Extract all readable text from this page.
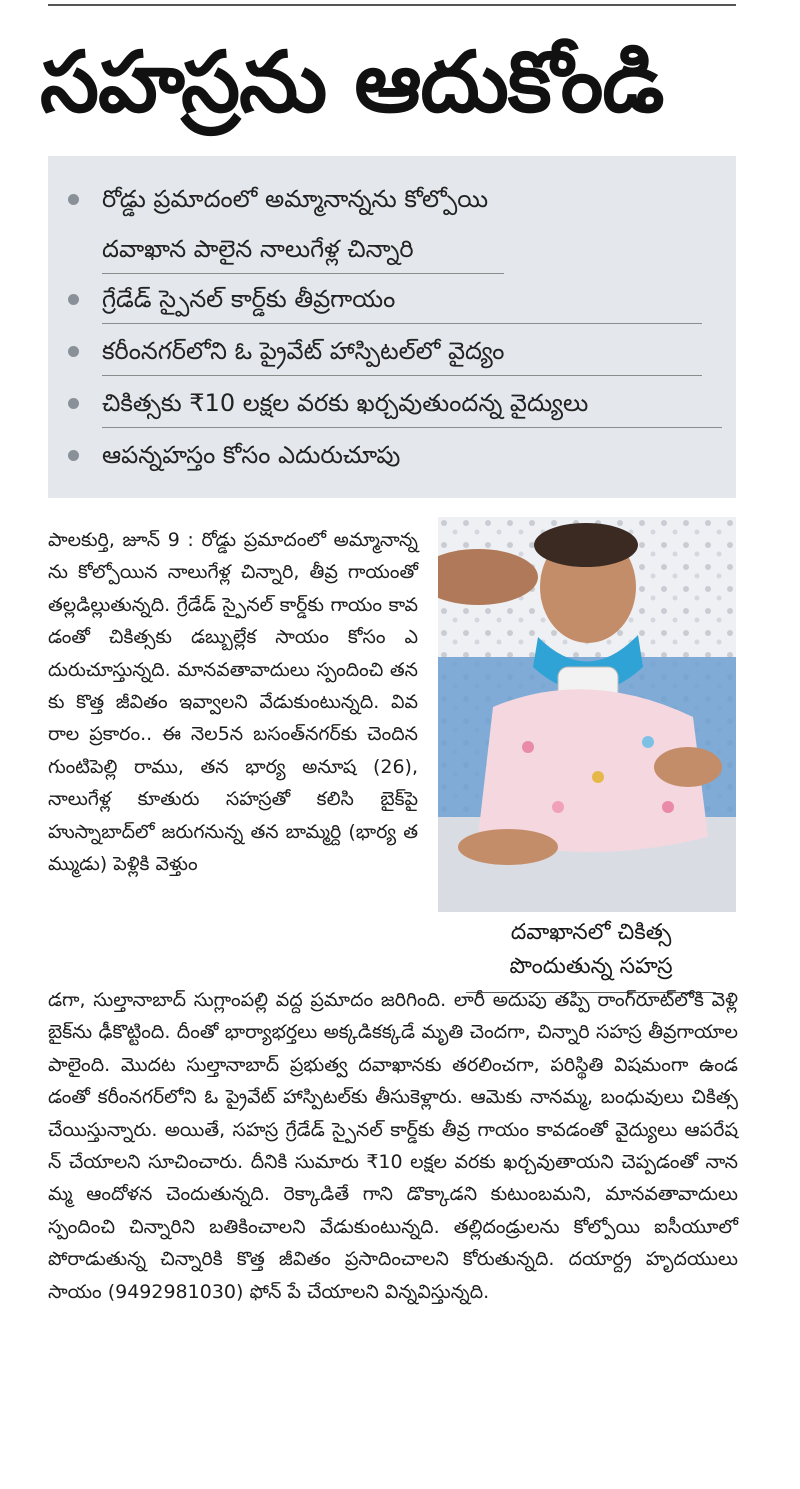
సహస్రను ఆదుకోండి
రోడ్డు ప్రమాదంలో అమ్మానాన్నను కోల్పోయి దవాఖాన పాలైన నాలుగేళ్ల చిన్నారి
గ్రేడేడ్ స్పైనల్ కార్డ్‌కు తీవ్రగాయం
కరీంనగర్‌లోని ఓ ప్రైవేట్ హాస్పిటల్‌లో వైద్యం
చికిత్సకు ₹10 లక్షల వరకు ఖర్చవుతుందన్న వైద్యులు
ఆపన్నహస్తం కోసం ఎదురుచూపు
పాలకుర్తి, జూన్ 9 : రోడ్డు ప్రమాదంలో అమ్మానాన్నను కోల్పోయిన నాలుగేళ్ల చిన్నారి, తీవ్ర గాయంతో తల్లడిల్లుతున్నది. గ్రేడేడ్ స్పైనల్ కార్డ్‌కు గాయం కావడంతో చికిత్సకు డబ్బుల్లేక సాయం కోసం ఎదురుచూస్తున్నది. మానవతావాదులు స్పందించి తనకు కొత్త జీవితం ఇవ్వాలని వేడుకుంటున్నది. వివరాల ప్రకారం.. ఈ నెల5న బసంత్‌నగర్‌కు చెందిన గుంటిపెల్లి రాము, తన భార్య అనూష (26), నాలుగేళ్ల కూతురు సహస్రతో కలిసి బైక్‌పై హుస్నాబాద్‌లో జరుగనున్న తన బామ్మర్ది (భార్య తమ్ముడు) పెళ్లికి వెళ్తుం
దవాఖానలో చికిత్స పొందుతున్న సహస్ర
డగా, సుల్తానాబాద్ సుగ్లాంపల్లి వద్ద ప్రమాదం జరిగింది. లారీ అదుపు తప్పి రాంగ్‌రూట్‌లోకి వెళ్లి బైక్‌ను ఢీకొట్టింది. దీంతో భార్యాభర్తలు అక్కడికక్కడే మృతి చెందగా, చిన్నారి సహస్ర తీవ్రగాయాలపాలైంది. మొదట సుల్తానాబాద్ ప్రభుత్వ దవాఖానకు తరలించగా, పరిస్థితి విషమంగా ఉండడంతో కరీంనగర్‌లోని ఓ ప్రైవేట్ హాస్పిటల్‌కు తీసుకెళ్లారు. ఆమెకు నానమ్మ, బంధువులు చికిత్స చేయిస్తున్నారు. అయితే, సహస్ర గ్రేడేడ్ స్పైనల్ కార్డ్‌కు తీవ్ర గాయం కావడంతో వైద్యులు ఆపరేషన్ చేయాలని సూచించారు. దీనికి సుమారు ₹10 లక్షల వరకు ఖర్చవుతాయని చెప్పడంతో నానమ్మ ఆందోళన చెందుతున్నది. రెక్కాడితే గాని డొక్కాడని కుటుంబమని, మానవతావాదులు స్పందించి చిన్నారిని బతికించాలని వేడుకుంటున్నది. తల్లిదండ్రులను కోల్పోయి ఐసీయూలో పోరాడుతున్న చిన్నారికి కొత్త జీవితం ప్రసాదించాలని కోరుతున్నది. దయార్ద్ర హృదయులు సాయం (9492981030) ఫోన్ పే చేయాలని విన్నవిస్తున్నది.
